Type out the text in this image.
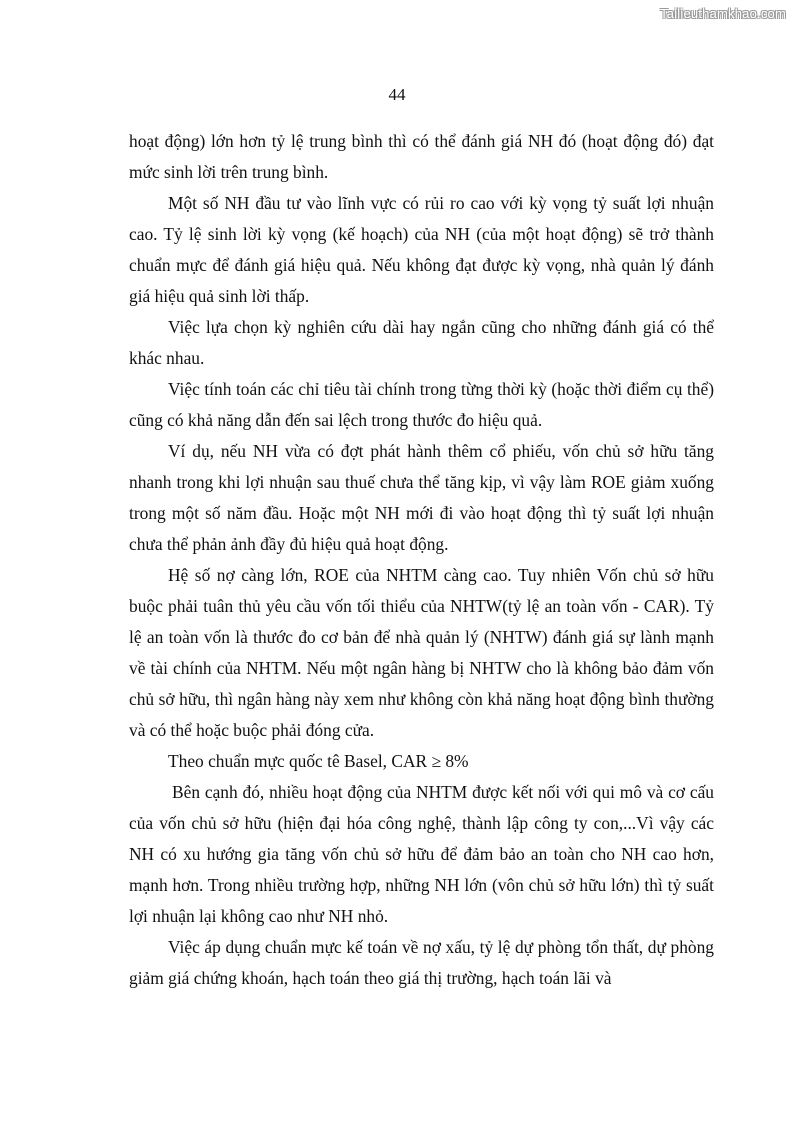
Tailieuthamkhao.com
44

hoạt động) lớn hơn tỷ lệ trung bình thì có thể đánh giá NH đó (hoạt động đó) đạt mức sinh lời trên trung bình.

Một số NH đầu tư vào lĩnh vực có rủi ro cao với kỳ vọng tỷ suất lợi nhuận cao. Tỷ lệ sinh lời kỳ vọng (kế hoạch) của NH (của một hoạt động) sẽ trở thành chuẩn mực để đánh giá hiệu quả. Nếu không đạt được kỳ vọng, nhà quản lý đánh giá hiệu quả sinh lời thấp.

Việc lựa chọn kỳ nghiên cứu dài hay ngắn cũng cho những đánh giá có thể khác nhau.

Việc tính toán các chỉ tiêu tài chính trong từng thời kỳ (hoặc thời điểm cụ thể) cũng có khả năng dẫn đến sai lệch trong thước đo hiệu quả.

Ví dụ, nếu NH vừa có đợt phát hành thêm cổ phiếu, vốn chủ sở hữu tăng nhanh trong khi lợi nhuận sau thuế chưa thể tăng kịp, vì vậy làm ROE giảm xuống trong một số năm đầu. Hoặc một NH mới đi vào hoạt động thì tỷ suất lợi nhuận chưa thể phản ảnh đầy đủ hiệu quả hoạt động.

Hệ số nợ càng lớn, ROE của NHTM càng cao. Tuy nhiên Vốn chủ sở hữu buộc phải tuân thủ yêu cầu vốn tối thiểu của NHTW(tỷ lệ an toàn vốn - CAR). Tỷ lệ an toàn vốn là thước đo cơ bản để nhà quản lý (NHTW) đánh giá sự lành mạnh về tài chính của NHTM. Nếu một ngân hàng bị NHTW cho là không bảo đảm vốn chủ sở hữu, thì ngân hàng này xem như không còn khả năng hoạt động bình thường và có thể hoặc buộc phải đóng cửa.

Theo chuẩn mực quốc tê Basel, CAR ≥ 8%

Bên cạnh đó, nhiều hoạt động của NHTM được kết nối với qui mô và cơ cấu của vốn chủ sở hữu (hiện đại hóa công nghệ, thành lập công ty con,...Vì vậy các NH có xu hướng gia tăng vốn chủ sở hữu để đảm bảo an toàn cho NH cao hơn, mạnh hơn. Trong nhiều trường hợp, những NH lớn (vôn chủ sở hữu lớn) thì tỷ suất lợi nhuận lại không cao như NH nhỏ.

Việc áp dụng chuẩn mực kế toán về nợ xấu, tỷ lệ dự phòng tổn thất, dự phòng giảm giá chứng khoán, hạch toán theo giá thị trường, hạch toán lãi và
